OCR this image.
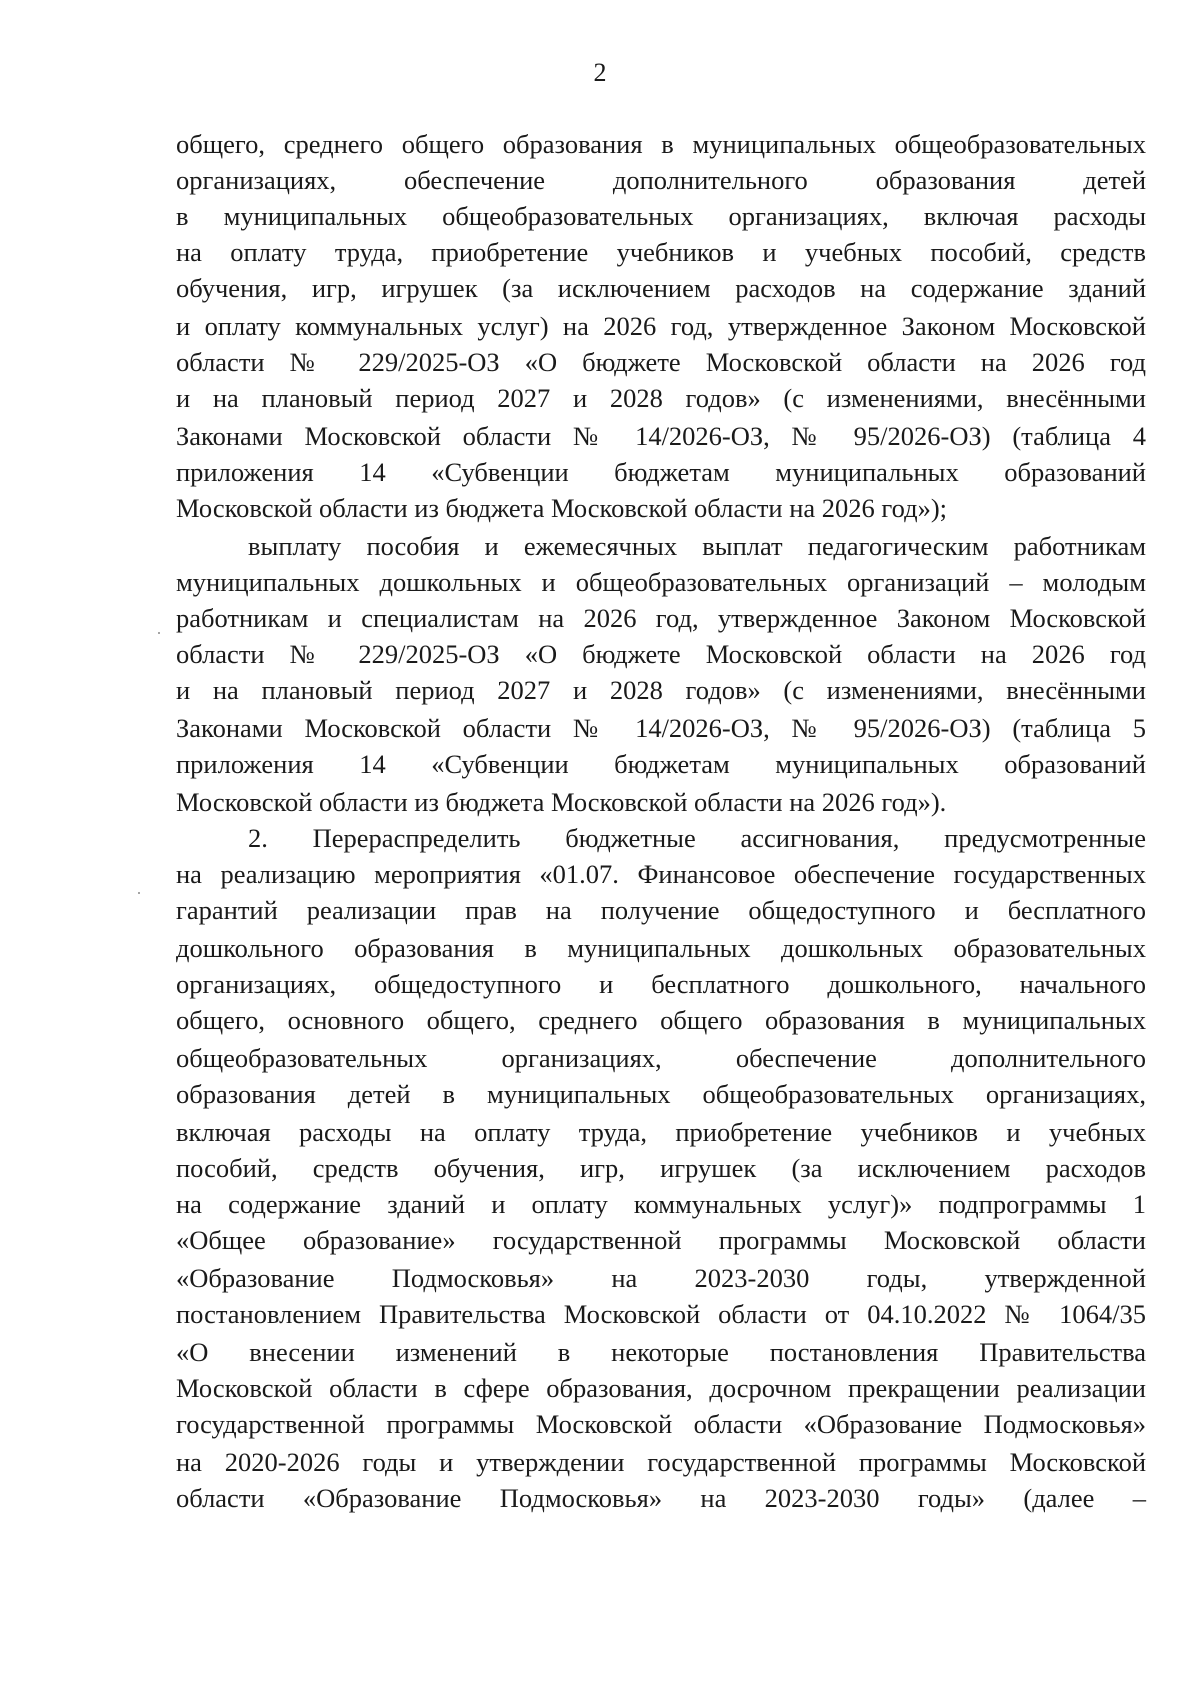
2
общего, среднего общего образования в муниципальных общеобразовательных
организациях, обеспечение дополнительного образования детей
в муниципальных общеобразовательных организациях, включая расходы
на оплату труда, приобретение учебников и учебных пособий, средств
обучения, игр, игрушек (за исключением расходов на содержание зданий
и оплату коммунальных услуг) на 2026 год, утвержденное Законом Московской
области № 229/2025-ОЗ «О бюджете Московской области на 2026 год
и на плановый период 2027 и 2028 годов» (с изменениями, внесёнными
Законами Московской области № 14/2026-ОЗ, № 95/2026-ОЗ) (таблица 4
приложения 14 «Субвенции бюджетам муниципальных образований
Московской области из бюджета Московской области на 2026 год»);
выплату пособия и ежемесячных выплат педагогическим работникам
муниципальных дошкольных и общеобразовательных организаций – молодым
работникам и специалистам на 2026 год, утвержденное Законом Московской
области № 229/2025-ОЗ «О бюджете Московской области на 2026 год
и на плановый период 2027 и 2028 годов» (с изменениями, внесёнными
Законами Московской области № 14/2026-ОЗ, № 95/2026-ОЗ) (таблица 5
приложения 14 «Субвенции бюджетам муниципальных образований
Московской области из бюджета Московской области на 2026 год»).
2. Перераспределить бюджетные ассигнования, предусмотренные
на реализацию мероприятия «01.07. Финансовое обеспечение государственных
гарантий реализации прав на получение общедоступного и бесплатного
дошкольного образования в муниципальных дошкольных образовательных
организациях, общедоступного и бесплатного дошкольного, начального
общего, основного общего, среднего общего образования в муниципальных
общеобразовательных организациях, обеспечение дополнительного
образования детей в муниципальных общеобразовательных организациях,
включая расходы на оплату труда, приобретение учебников и учебных
пособий, средств обучения, игр, игрушек (за исключением расходов
на содержание зданий и оплату коммунальных услуг)» подпрограммы 1
«Общее образование» государственной программы Московской области
«Образование Подмосковья» на 2023-2030 годы, утвержденной
постановлением Правительства Московской области от 04.10.2022 № 1064/35
«О внесении изменений в некоторые постановления Правительства
Московской области в сфере образования, досрочном прекращении реализации
государственной программы Московской области «Образование Подмосковья»
на 2020-2026 годы и утверждении государственной программы Московской
области «Образование Подмосковья» на 2023-2030 годы» (далее –
